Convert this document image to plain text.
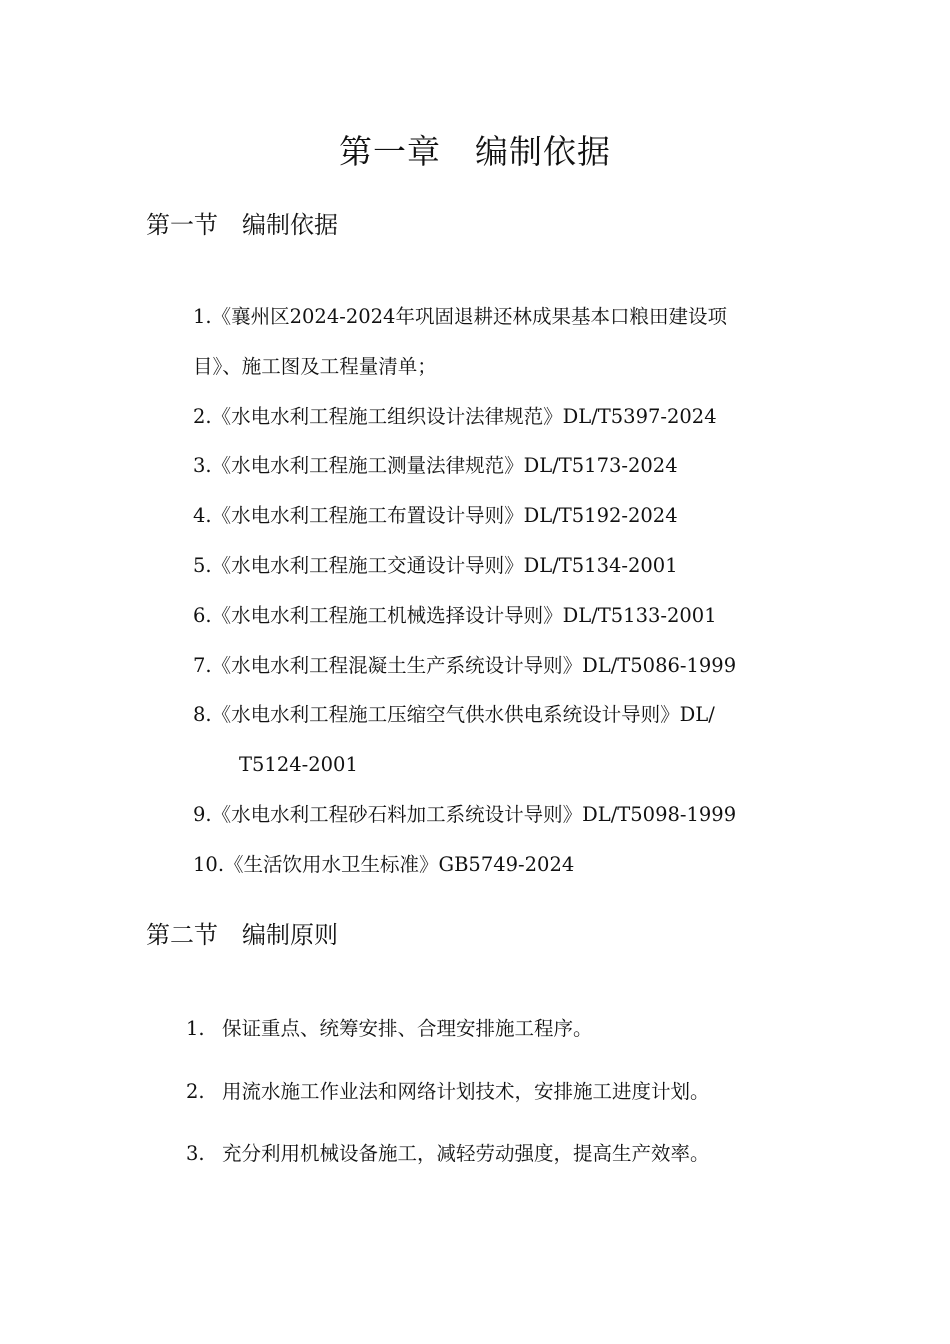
第一章　编制依据
第一节　编制依据
1.《襄州区2024-2024年巩固退耕还林成果基本口粮田建设项
目》、施工图及工程量清单；
2.《水电水利工程施工组织设计法律规范》DL/T5397-2024
3.《水电水利工程施工测量法律规范》DL/T5173-2024
4.《水电水利工程施工布置设计导则》DL/T5192-2024
5.《水电水利工程施工交通设计导则》DL/T5134-2001
6.《水电水利工程施工机械选择设计导则》DL/T5133-2001
7.《水电水利工程混凝土生产系统设计导则》DL/T5086-1999
8.《水电水利工程施工压缩空气供水供电系统设计导则》DL/
T5124-2001
9.《水电水利工程砂石料加工系统设计导则》DL/T5098-1999
10.《生活饮用水卫生标准》GB5749-2024
第二节　编制原则
1. 保证重点、统筹安排、合理安排施工程序。
2. 用流水施工作业法和网络计划技术，安排施工进度计划。
3. 充分利用机械设备施工，减轻劳动强度，提高生产效率。
